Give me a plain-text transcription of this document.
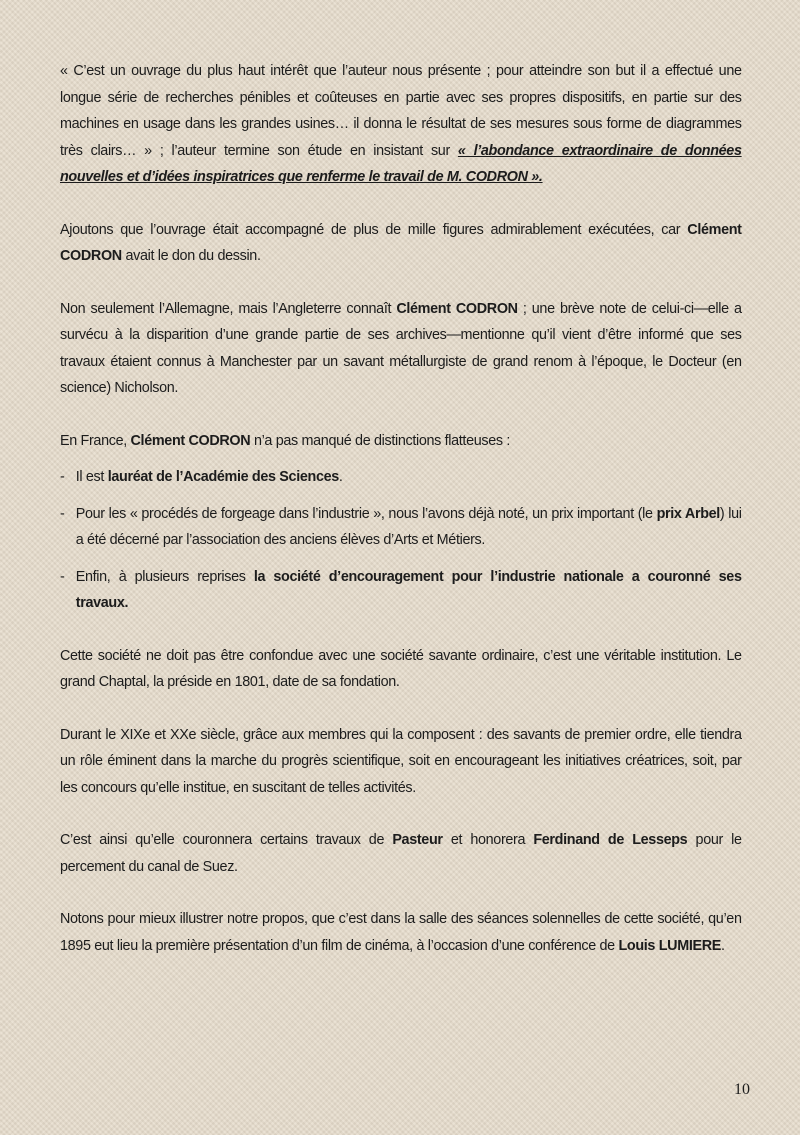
« C’est un ouvrage du plus haut intérêt que l’auteur nous présente ; pour atteindre son but il a effectué une longue série de recherches pénibles et coûteuses en partie avec ses propres dispositifs, en partie sur des machines en usage dans les grandes usines… il donna le résultat de ses mesures sous forme de diagrammes très clairs… » ; l’auteur termine son étude en insistant sur « l’abondance extraordinaire de données nouvelles et d’idées inspiratrices que renferme le travail de M. CODRON ».

Ajoutons que l’ouvrage était accompagné de plus de mille figures admirablement exécutées, car Clément CODRON avait le don du dessin.

Non seulement l’Allemagne, mais l’Angleterre connaît Clément CODRON ; une brève note de celui-ci—elle a survécu à la disparition d’une grande partie de ses archives—mentionne qu’il vient d’être informé que ses travaux étaient connus à Manchester par un savant métallurgiste de grand renom à l’époque, le Docteur (en science) Nicholson.

En France, Clément CODRON n’a pas manqué de distinctions flatteuses :

- Il est lauréat de l’Académie des Sciences.
- Pour les « procédés de forgeage dans l’industrie », nous l’avons déjà noté, un prix important (le prix Arbel) lui a été décerné par l’association des anciens élèves d’Arts et Métiers.
- Enfin, à plusieurs reprises la société d’encouragement pour l’industrie nationale a couronné ses travaux.

Cette société ne doit pas être confondue avec une société savante ordinaire, c’est une véritable institution. Le grand Chaptal, la préside en 1801, date de sa fondation.

Durant le XIXe et XXe siècle, grâce aux membres qui la composent : des savants de premier ordre, elle tiendra un rôle éminent dans la marche du progrès scientifique, soit en encourageant les initiatives créatrices, soit, par les concours qu’elle institue, en suscitant de telles activités.

C’est ainsi qu’elle couronnera certains travaux de Pasteur et honorera Ferdinand de Lesseps pour le percement du canal de Suez.

Notons pour mieux illustrer notre propos, que c’est dans la salle des séances solennelles de cette société, qu’en 1895 eut lieu la première présentation d’un film de cinéma, à l’occasion d’une conférence de Louis LUMIERE.

10
